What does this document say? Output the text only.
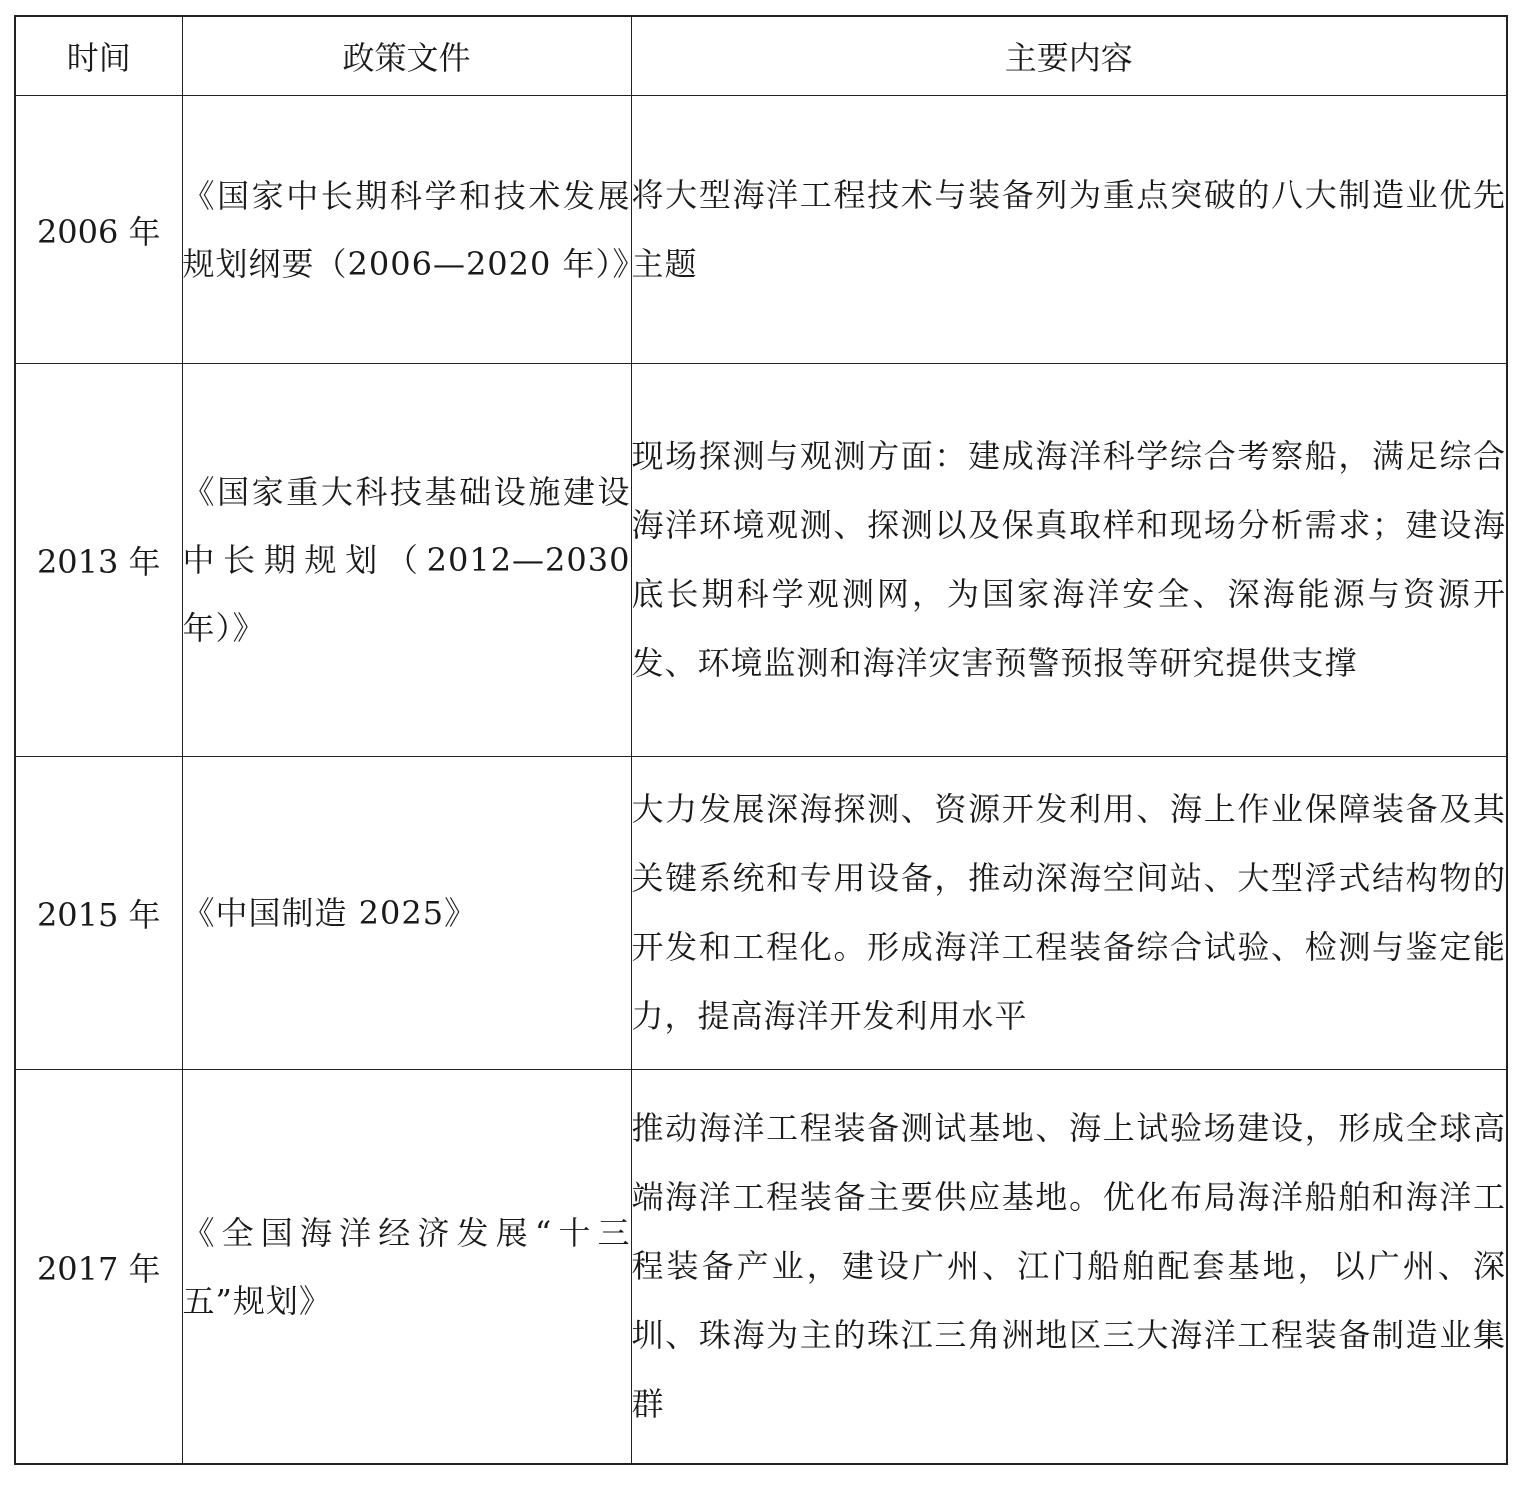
时间	政策文件	主要内容
2006 年	《国家中长期科学和技术发展规划纲要（2006—2020 年）》	将大型海洋工程技术与装备列为重点突破的八大制造业优先主题
2013 年	《国家重大科技基础设施建设中长期规划（2012—2030 年）》	现场探测与观测方面：建成海洋科学综合考察船，满足综合海洋环境观测、探测以及保真取样和现场分析需求；建设海底长期科学观测网，为国家海洋安全、深海能源与资源开发、环境监测和海洋灾害预警预报等研究提供支撑
2015 年	《中国制造 2025》	大力发展深海探测、资源开发利用、海上作业保障装备及其关键系统和专用设备，推动深海空间站、大型浮式结构物的开发和工程化。形成海洋工程装备综合试验、检测与鉴定能力，提高海洋开发利用水平
2017 年	《全国海洋经济发展“十三五”规划》	推动海洋工程装备测试基地、海上试验场建设，形成全球高端海洋工程装备主要供应基地。优化布局海洋船舶和海洋工程装备产业，建设广州、江门船舶配套基地，以广州、深圳、珠海为主的珠江三角洲地区三大海洋工程装备制造业集群
